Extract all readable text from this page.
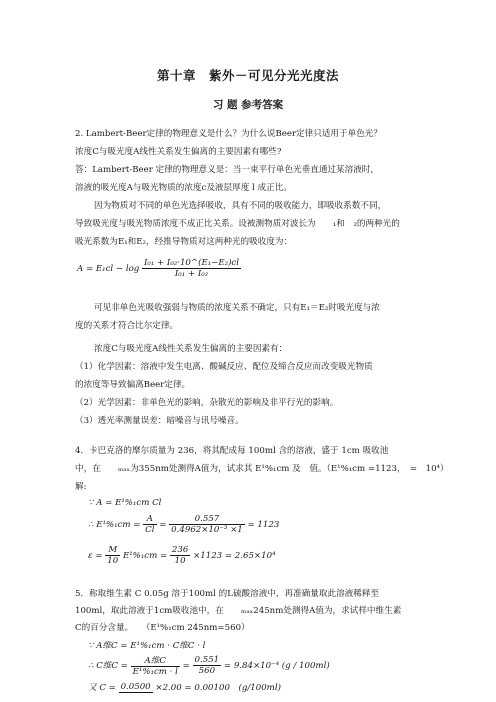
第十章　紫外－可见分光光度法
习 题 参考答案
2. Lambert-Beer定律的物理意义是什么？为什么说Beer定律只适用于单色光？
浓度C与吸光度A线性关系发生偏离的主要因素有哪些?
答：Lambert-Beer 定律的物理意义是：当一束平行单色光垂直通过某溶液时，
溶液的吸光度A与吸光物质的浓度c及液层厚度 l 成正比。
因为物质对不同的单色光选择吸收，具有不同的吸收能力，即吸收系数不同，
导致吸光度与吸光物质浓度不成正比关系。设被测物质对波长为　　₁和　₂的两种光的
吸光系数为E₁和E₂，经推导物质对这两种光的吸收度为：
$A = E_1cl - \log \frac{\text{I₀₁ + I₀₂·10\textasciicircum{}(E₁−E₂)cl}}{\text{I₀₁ + I₀₂}}$
可见非单色光吸收强弱与物质的浓度关系不确定，只有E₁＝E₂时吸光度与浓
度的关系才符合比尔定律。
浓度C与吸光度A线性关系发生偏离的主要因素有：
（1）化学因素：溶液中发生电离、酸碱反应、配位及缔合反应而改变吸光物质
的浓度等导致偏离Beer定律。
（2）光学因素：非单色光的影响，杂散光的影响及非平行光的影响。
（3）透光率测量误差：暗噪音与讯号噪音。
4．卡巴克洛的摩尔质量为 236，将其配成每 100ml 含的溶液，盛于 1cm 吸收池
中，在　　ₘₐₓ为355nm处测得A值为，试求其 E¹%₁cm 及　值。（E¹%₁cm =1123，　=　10⁴）
解:
∵ A = E¹%₁cm Cl
∴ $E^1\%_1cm = \frac{A}{Cl} = \frac{0.557}{\text{0.4962×10⁻³ ×1}} = 1123$
$\varepsilon = \frac{M}{10} E^1\%_1cm = \frac{236}{10} \times 1123 = 2.65\times 10^4$
5．称取维生素 C 0.05g 溶于100ml 的L硫酸溶液中，再准确量取此溶液稀释至
100ml，取此溶液于1cm吸收池中，在　　ₘₐₓ245nm处测得A值为，求试样中维生素
C的百分含量。　　（E¹%₁cm 245nm=560）
∵ A维C = E¹%₁cm · C维C · l
∴ C维$C = \frac{\text{A维C}}{\text{E¹\%₁cm · l}} = \frac{0.551}{560} = 9.84\times 10^{-4}$ (g / 100ml)
又 C = 0.0500 ×2.00 = 0.00100　(g/100ml)
